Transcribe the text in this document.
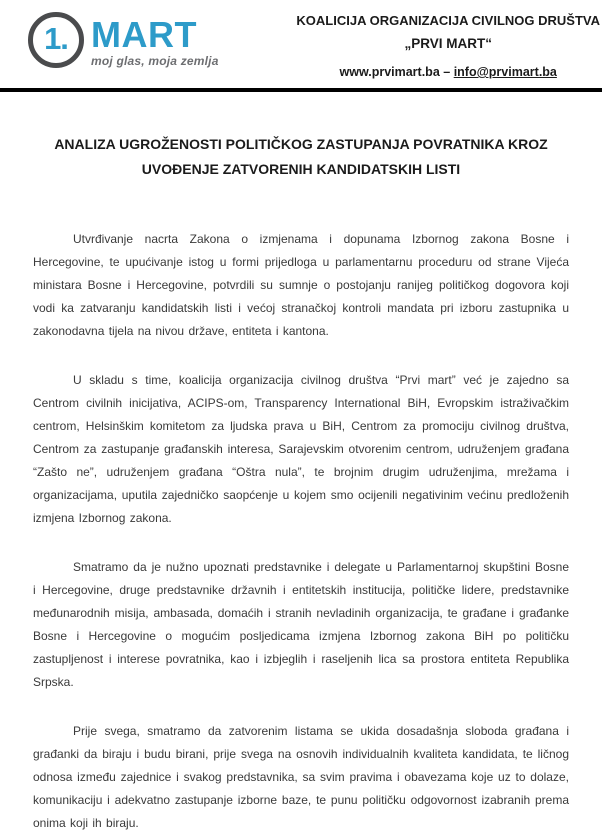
1. MART
moj glas, moja zemlja
KOALICIJA ORGANIZACIJA CIVILNOG DRUŠTVA
„PRVI MART“
www.prvimart.ba – info@prvimart.ba
ANALIZA UGROŽENOSTI POLITIČKOG ZASTUPANJA POVRATNIKA KROZ
UVOĐENJE ZATVORENIH KANDIDATSKIH LISTI

Utvrđivanje nacrta Zakona o izmjenama i dopunama Izbornog zakona Bosne i Hercegovine, te upućivanje istog u formi prijedloga u parlamentarnu proceduru od strane Vijeća ministara Bosne i Hercegovine, potvrdili su sumnje o postojanju ranijeg političkog dogovora koji vodi ka zatvaranju kandidatskih listi i većoj stranačkoj kontroli mandata pri izboru zastupnika u zakonodavna tijela na nivou države, entiteta i kantona.

U skladu s time, koalicija organizacija civilnog društva “Prvi mart” već je zajedno sa Centrom civilnih inicijativa, ACIPS-om, Transparency International BiH, Evropskim istraživačkim centrom, Helsinškim komitetom za ljudska prava u BiH, Centrom za promociju civilnog društva, Centrom za zastupanje građanskih interesa, Sarajevskim otvorenim centrom, udruženjem građana “Zašto ne”, udruženjem građana “Oštra nula”, te brojnim drugim udruženjima, mrežama i organizacijama, uputila zajedničko saopćenje u kojem smo ocijenili negativinim većinu predloženih izmjena Izbornog zakona.

Smatramo da je nužno upoznati predstavnike i delegate u Parlamentarnoj skupštini Bosne i Hercegovine, druge predstavnike državnih i entitetskih institucija, političke lidere, predstavnike međunarodnih misija, ambasada, domaćih i stranih nevladinih organizacija, te građane i građanke Bosne i Hercegovine o mogućim posljedicama izmjena Izbornog zakona BiH po političku zastupljenost i interese povratnika, kao i izbjeglih i raseljenih lica sa prostora entiteta Republika Srpska.

Prije svega, smatramo da zatvorenim listama se ukida dosadašnja sloboda građana i građanki da biraju i budu birani, prije svega na osnovih individualnih kvaliteta kandidata, te ličnog odnosa između zajednice i svakog predstavnika, sa svim pravima i obavezama koje uz to dolaze, komunikaciju i adekvatno zastupanje izborne baze, te punu političku odgovornost izabranih prema onima koji ih biraju.
